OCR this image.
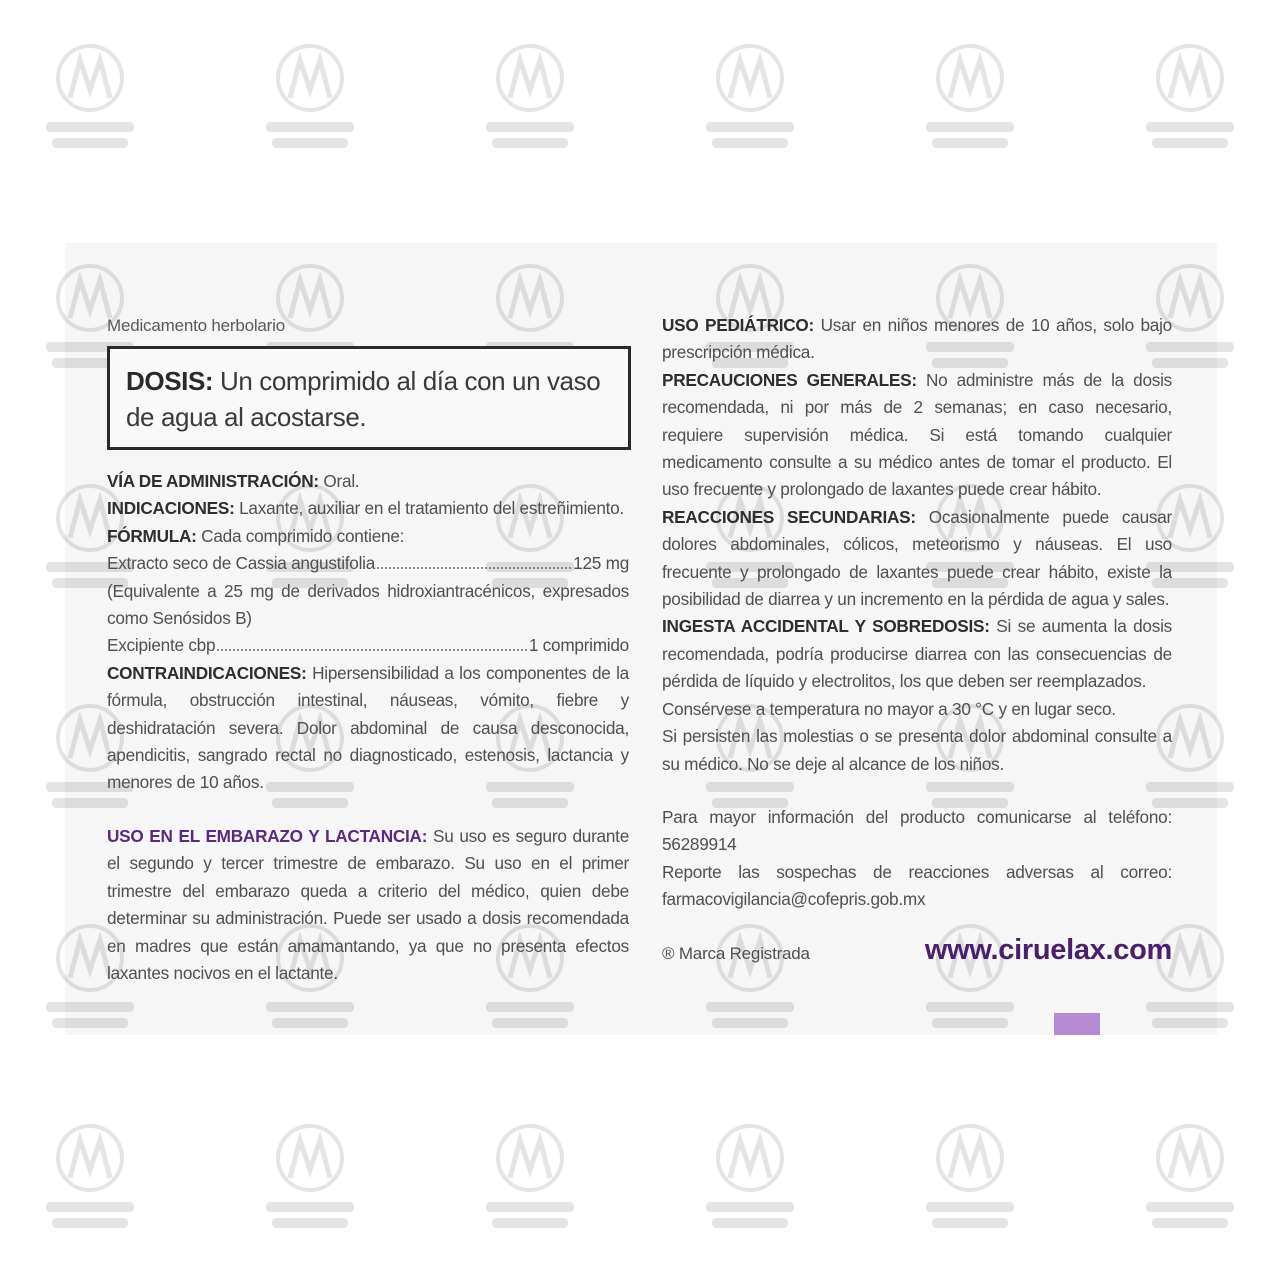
Medicamento herbolario

DOSIS: Un comprimido al día con un vaso de agua al acostarse.

VÍA DE ADMINISTRACIÓN: Oral.

INDICACIONES: Laxante, auxiliar en el tratamiento del estreñimiento.

FÓRMULA: Cada comprimido contiene:

Extracto seco de Cassia angustifolia	125 mg

(Equivalente a 25 mg de derivados hidroxiantracénicos, expresados como Senósidos B)

Excipiente cbp	1 comprimido

CONTRAINDICACIONES: Hipersensibilidad a los componentes de la fórmula, obstrucción intestinal, náuseas, vómito, fiebre y deshidratación severa. Dolor abdominal de causa desconocida, apendicitis, sangrado rectal no diagnosticado, estenosis, lactancia y menores de 10 años.

USO EN EL EMBARAZO Y LACTANCIA: Su uso es seguro durante el segundo y tercer trimestre de embarazo. Su uso en el primer trimestre del embarazo queda a criterio del médico, quien debe determinar su administración. Puede ser usado a dosis recomendada en madres que están amamantando, ya que no presenta efectos laxantes nocivos en el lactante.

USO PEDIÁTRICO: Usar en niños menores de 10 años, solo bajo prescripción médica.

PRECAUCIONES GENERALES: No administre más de la dosis recomendada, ni por más de 2 semanas; en caso necesario, requiere supervisión médica. Si está tomando cualquier medicamento consulte a su médico antes de tomar el producto. El uso frecuente y prolongado de laxantes puede crear hábito.

REACCIONES SECUNDARIAS: Ocasionalmente puede causar dolores abdominales, cólicos, meteorismo y náuseas. El uso frecuente y prolongado de laxantes puede crear hábito, existe la posibilidad de diarrea y un incremento en la pérdida de agua y sales.

INGESTA ACCIDENTAL Y SOBREDOSIS: Si se aumenta la dosis recomendada, podría producirse diarrea con las consecuencias de pérdida de líquido y electrolitos, los que deben ser reemplazados.

Consérvese a temperatura no mayor a 30 °C y en lugar seco.

Si persisten las molestias o se presenta dolor abdominal consulte a su médico. No se deje al alcance de los niños.

Para mayor información del producto comunicarse al teléfono: 56289914

Reporte las sospechas de reacciones adversas al correo: farmacovigilancia@cofepris.gob.mx

® Marca Registrada	www.ciruelax.com
